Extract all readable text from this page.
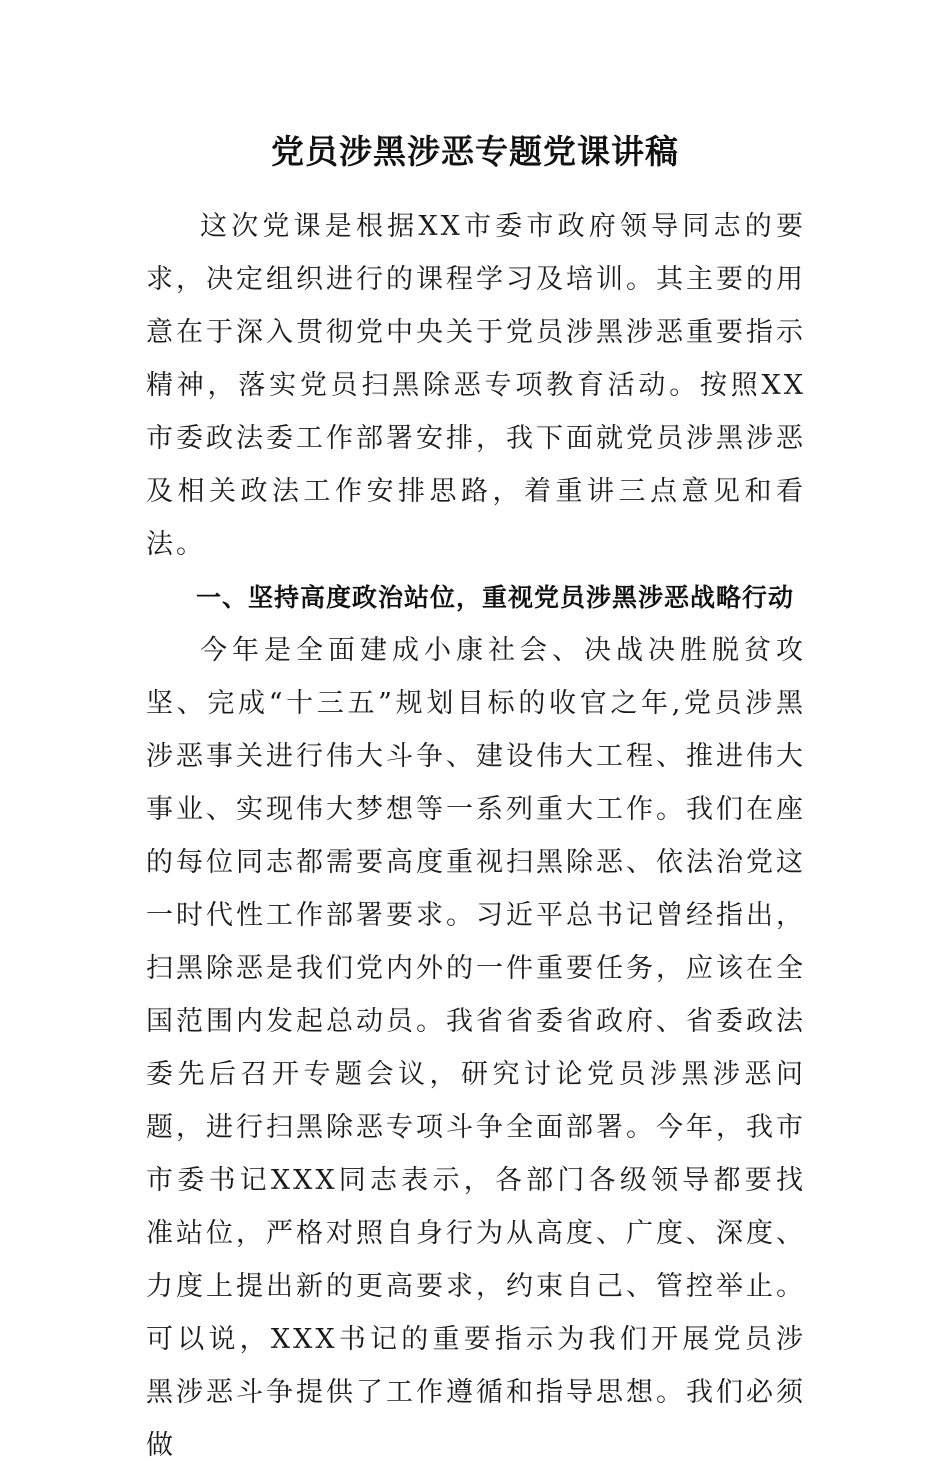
党员涉黑涉恶专题党课讲稿

这次党课是根据XX市委市政府领导同志的要求，决定组织进行的课程学习及培训。其主要的用意在于深入贯彻党中央关于党员涉黑涉恶重要指示精神，落实党员扫黑除恶专项教育活动。按照XX市委政法委工作部署安排，我下面就党员涉黑涉恶及相关政法工作安排思路，着重讲三点意见和看法。

一、坚持高度政治站位，重视党员涉黑涉恶战略行动

今年是全面建成小康社会、决战决胜脱贫攻坚、完成“十三五”规划目标的收官之年,党员涉黑涉恶事关进行伟大斗争、建设伟大工程、推进伟大事业、实现伟大梦想等一系列重大工作。我们在座的每位同志都需要高度重视扫黑除恶、依法治党这一时代性工作部署要求。习近平总书记曾经指出，扫黑除恶是我们党内外的一件重要任务，应该在全国范围内发起总动员。我省省委省政府、省委政法委先后召开专题会议，研究讨论党员涉黑涉恶问题，进行扫黑除恶专项斗争全面部署。今年，我市市委书记XXX同志表示，各部门各级领导都要找准站位，严格对照自身行为从高度、广度、深度、力度上提出新的更高要求，约束自己、管控举止。可以说，XXX书记的重要指示为我们开展党员涉黑涉恶斗争提供了工作遵循和指导思想。我们必须做
